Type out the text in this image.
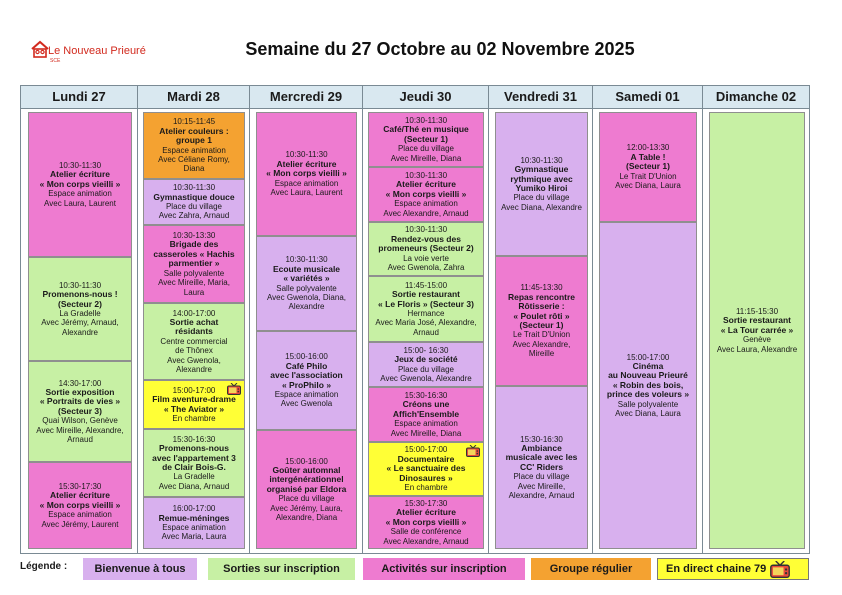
Le Nouveau Prieuré
SCE
Semaine du 27 Octobre au 02 Novembre 2025
Lundi 27
10:30-11:30
Atelier écriture
« Mon corps vieilli »
Espace animation
Avec Laura, Laurent
10:30-11:30
Promenons-nous !
(Secteur 2)
La Gradelle
Avec Jérémy, Arnaud,
Alexandre
14:30-17:00
Sortie exposition
« Portraits de vies »
(Secteur 3)
Quai Wilson, Genève
Avec Mireille, Alexandre,
Arnaud
15:30-17:30
Atelier écriture
« Mon corps vieilli »
Espace animation
Avec Jérémy, Laurent
Mardi 28
10:15-11:45
Atelier couleurs :
groupe 1
Espace animation
Avec Céliane Romy,
Diana
10:30-11:30
Gymnastique douce
Place du village
Avec Zahra, Arnaud
10:30-13:30
Brigade des
casseroles « Hachis
parmentier »
Salle polyvalente
Avec Mireille, Maria,
Laura
14:00-17:00
Sortie achat
résidants
Centre commercial
de Thônex
Avec Gwenola,
Alexandre
15:00-17:00
Film aventure-drame
« The Aviator »
En chambre
15:30-16:30
Promenons-nous
avec l'appartement 3
de Clair Bois-G.
La Gradelle
Avec Diana, Arnaud
16:00-17:00
Remue-méninges
Espace animation
Avec Maria, Laura
Mercredi 29
10:30-11:30
Atelier écriture
« Mon corps vieilli »
Espace animation
Avec Laura, Laurent
10:30-11:30
Ecoute musicale
« variétés »
Salle polyvalente
Avec Gwenola, Diana,
Alexandre
15:00-16:00
Café Philo
avec l'association
« ProPhilo »
Espace animation
Avec Gwenola
15:00-16:00
Goûter automnal
intergénérationnel
organisé par Eldora
Place du village
Avec Jérémy, Laura,
Alexandre, Diana
Jeudi 30
10:30-11:30
Café/Thé en musique
(Secteur 1)
Place du village
Avec Mireille, Diana
10:30-11:30
Atelier écriture
« Mon corps vieilli »
Espace animation
Avec Alexandre, Arnaud
10:30-11:30
Rendez-vous des
promeneurs (Secteur 2)
La voie verte
Avec Gwenola, Zahra
11:45-15:00
Sortie restaurant
« Le Floris » (Secteur 3)
Hermance
Avec Maria José, Alexandre,
Arnaud
15:00- 16:30
Jeux de société
Place du village
Avec Gwenola, Alexandre
15:30-16:30
Créons une
Affich'Ensemble
Espace animation
Avec Mireille, Diana
15:00-17:00
Documentaire
« Le sanctuaire des
Dinosaures »
En chambre
15:30-17:30
Atelier écriture
« Mon corps vieilli »
Salle de conférence
Avec Alexandre, Arnaud
Vendredi 31
10:30-11:30
Gymnastique
rythmique avec
Yumiko Hiroi
Place du village
Avec Diana, Alexandre
11:45-13:30
Repas rencontre
Rôtisserie :
« Poulet rôti »
(Secteur 1)
Le Trait D'Union
Avec Alexandre,
Mireille
15:30-16:30
Ambiance
musicale avec les
CC' Riders
Place du village
Avec Mireille,
Alexandre, Arnaud
Samedi 01
12:00-13:30
A Table !
(Secteur 1)
Le Trait D'Union
Avec Diana, Laura
15:00-17:00
Cinéma
au Nouveau Prieuré
« Robin des bois,
prince des voleurs »
Salle polyvalente
Avec Diana, Laura
Dimanche 02
11:15-15:30
Sortie restaurant
« La Tour carrée »
Genève
Avec Laura, Alexandre
Légende : Bienvenue à tous	Sorties sur inscription	Activités sur inscription	Groupe régulier	En direct chaine 79
